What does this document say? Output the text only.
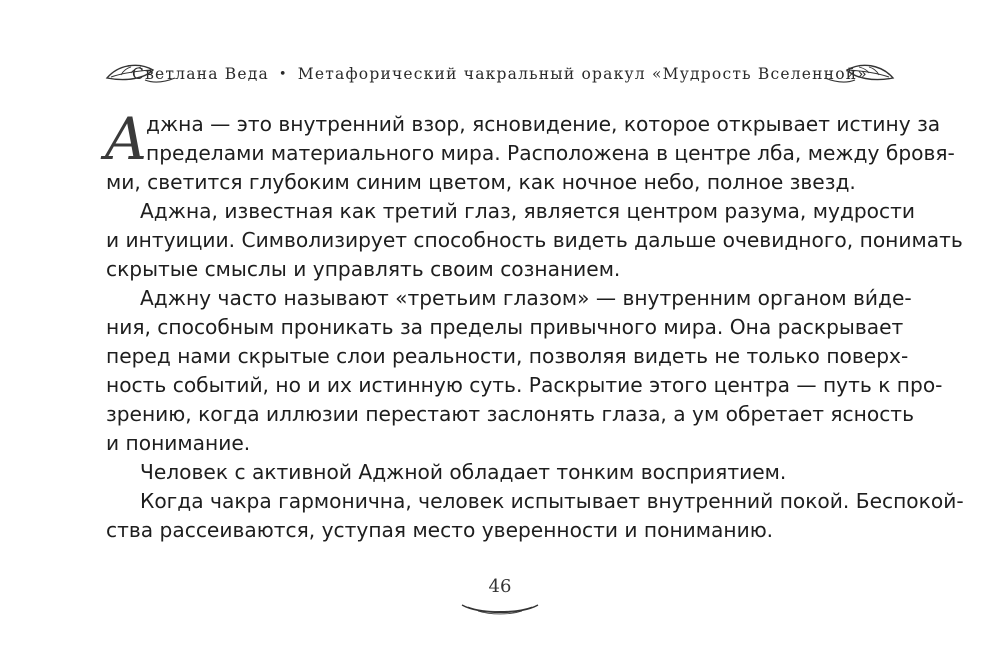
Светлана Веда • Метафорический чакральный оракул «Мудрость Вселенной»
А
джна — это внутренний взор, ясновидение, которое открывает истину за
пределами материального мира. Расположена в центре лба, между бровя-
ми, светится глубоким синим цветом, как ночное небо, полное звезд.
Аджна, известная как третий глаз, является центром разума, мудрости
и интуиции. Символизирует способность видеть дальше очевидного, понимать
скрытые смыслы и управлять своим сознанием.
Аджну часто называют «третьим глазом» — внутренним органом ви́де-
ния, способным проникать за пределы привычного мира. Она раскрывает
перед нами скрытые слои реальности, позволяя видеть не только поверх-
ность событий, но и их истинную суть. Раскрытие этого центра — путь к про-
зрению, когда иллюзии перестают заслонять глаза, а ум обретает ясность
и понимание.
Человек с активной Аджной обладает тонким восприятием.
Когда чакра гармонична, человек испытывает внутренний покой. Беспокой-
ства рассеиваются, уступая место уверенности и пониманию.
46
